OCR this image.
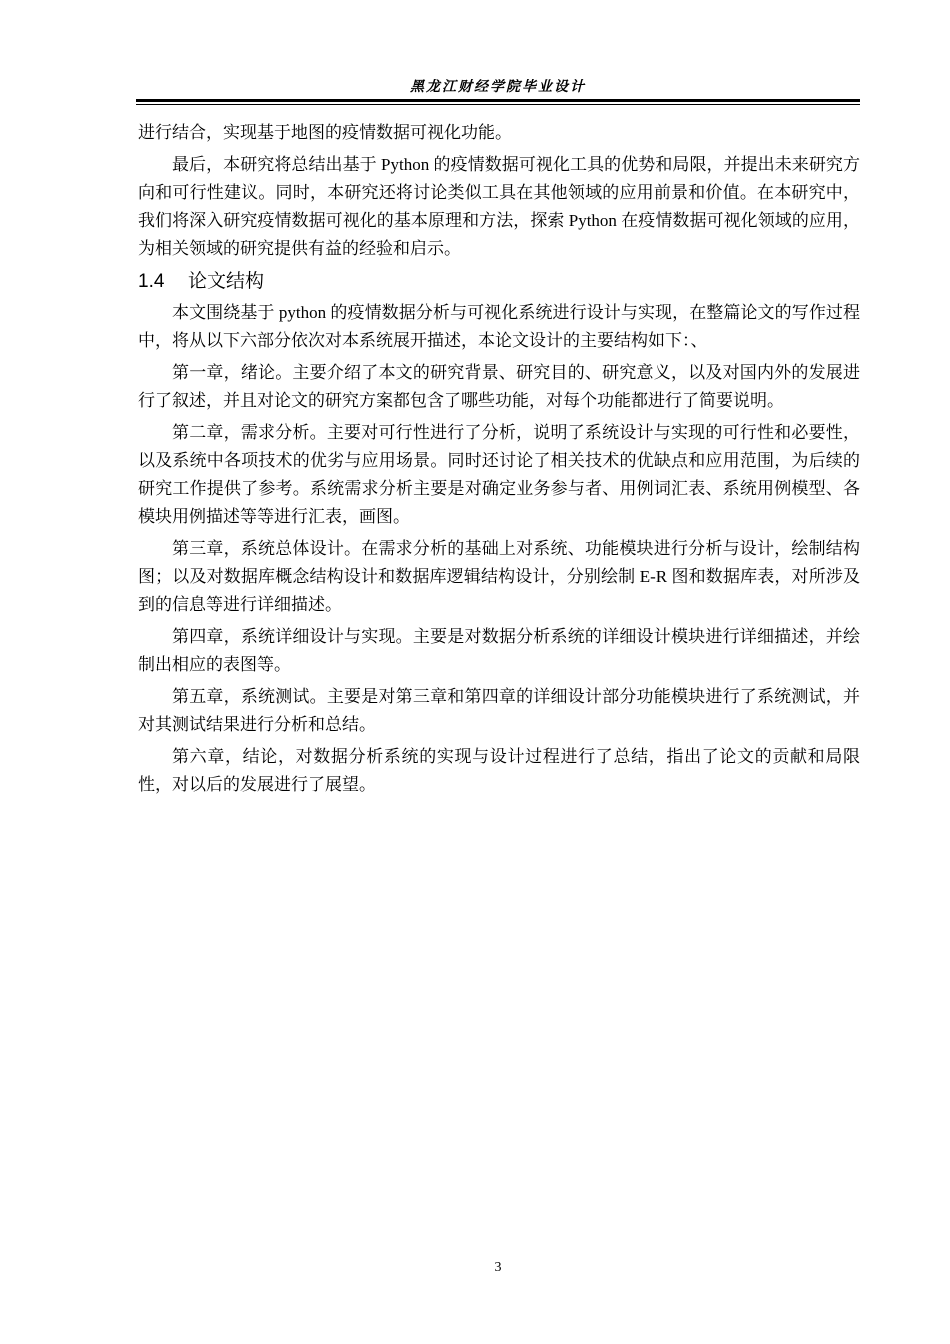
黑龙江财经学院毕业设计

进行结合，实现基于地图的疫情数据可视化功能。

最后，本研究将总结出基于 Python 的疫情数据可视化工具的优势和局限，并提出未来研究方向和可行性建议。同时，本研究还将讨论类似工具在其他领域的应用前景和价值。在本研究中，我们将深入研究疫情数据可视化的基本原理和方法，探索 Python 在疫情数据可视化领域的应用，为相关领域的研究提供有益的经验和启示。

1.4 论文结构

本文围绕基于 python 的疫情数据分析与可视化系统进行设计与实现，在整篇论文的写作过程中，将从以下六部分依次对本系统展开描述，本论文设计的主要结构如下：、

第一章，绪论。主要介绍了本文的研究背景、研究目的、研究意义，以及对国内外的发展进行了叙述，并且对论文的研究方案都包含了哪些功能，对每个功能都进行了简要说明。

第二章，需求分析。主要对可行性进行了分析，说明了系统设计与实现的可行性和必要性，以及系统中各项技术的优劣与应用场景。同时还讨论了相关技术的优缺点和应用范围，为后续的研究工作提供了参考。系统需求分析主要是对确定业务参与者、用例词汇表、系统用例模型、各模块用例描述等等进行汇表，画图。

第三章，系统总体设计。在需求分析的基础上对系统、功能模块进行分析与设计，绘制结构图；以及对数据库概念结构设计和数据库逻辑结构设计，分别绘制 E-R 图和数据库表，对所涉及到的信息等进行详细描述。

第四章，系统详细设计与实现。主要是对数据分析系统的详细设计模块进行详细描述，并绘制出相应的表图等。

第五章，系统测试。主要是对第三章和第四章的详细设计部分功能模块进行了系统测试，并对其测试结果进行分析和总结。

第六章，结论，对数据分析系统的实现与设计过程进行了总结，指出了论文的贡献和局限性，对以后的发展进行了展望。

3
